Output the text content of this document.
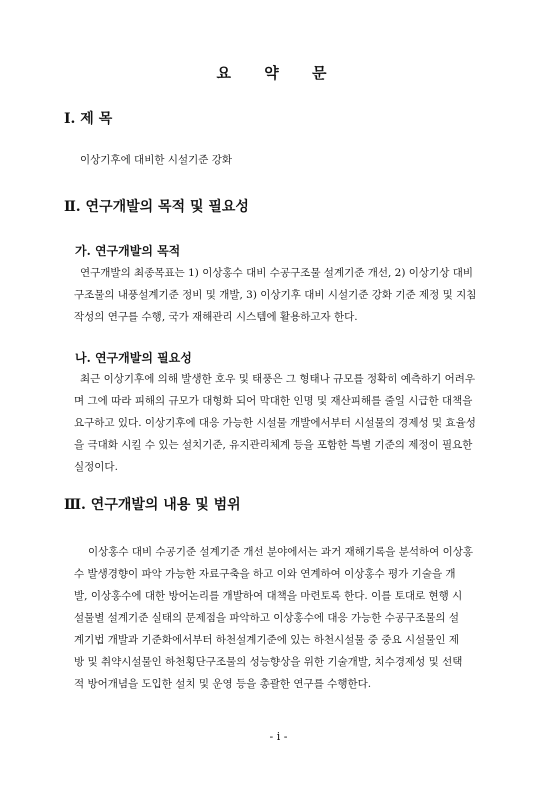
요 약 문
Ⅰ. 제 목
이상기후에 대비한 시설기준 강화
Ⅱ. 연구개발의 목적 및 필요성
가. 연구개발의 목적
연구개발의 최종목표는 1) 이상홍수 대비 수공구조물 설계기준 개선, 2) 이상기상 대비
구조물의 내풍설계기준 정비 및 개발, 3) 이상기후 대비 시설기준 강화 기준 제정 및 지침
작성의 연구를 수행, 국가 재해관리 시스템에 활용하고자 한다.
나. 연구개발의 필요성
최근 이상기후에 의해 발생한 호우 및 태풍은 그 형태나 규모를 정확히 예측하기 어려우
며 그에 따라 피해의 규모가 대형화 되어 막대한 인명 및 재산피해를 줄일 시급한 대책을
요구하고 있다. 이상기후에 대응 가능한 시설물 개발에서부터 시설물의 경제성 및 효율성
을 극대화 시킬 수 있는 설치기준, 유지관리체계 등을 포함한 특별 기준의 제정이 필요한
실정이다.
Ⅲ. 연구개발의 내용 및 범위
이상홍수 대비 수공기준 설계기준 개선 분야에서는 과거 재해기록을 분석하여 이상홍
수 발생경향이 파악 가능한 자료구축을 하고 이와 연계하여 이상홍수 평가 기술을 개
발, 이상홍수에 대한 방어논리를 개발하여 대책을 마련토록 한다. 이를 토대로 현행 시
설물별 설계기준 실태의 문제점을 파악하고 이상홍수에 대응 가능한 수공구조물의 설
계기법 개발과 기준화에서부터 하천설계기준에 있는 하천시설물 중 중요 시설물인 제
방 및 취약시설물인 하천횡단구조물의 성능향상을 위한 기술개발, 치수경제성 및 선택
적 방어개념을 도입한 설치 및 운영 등을 총괄한 연구를 수행한다.
- i -
